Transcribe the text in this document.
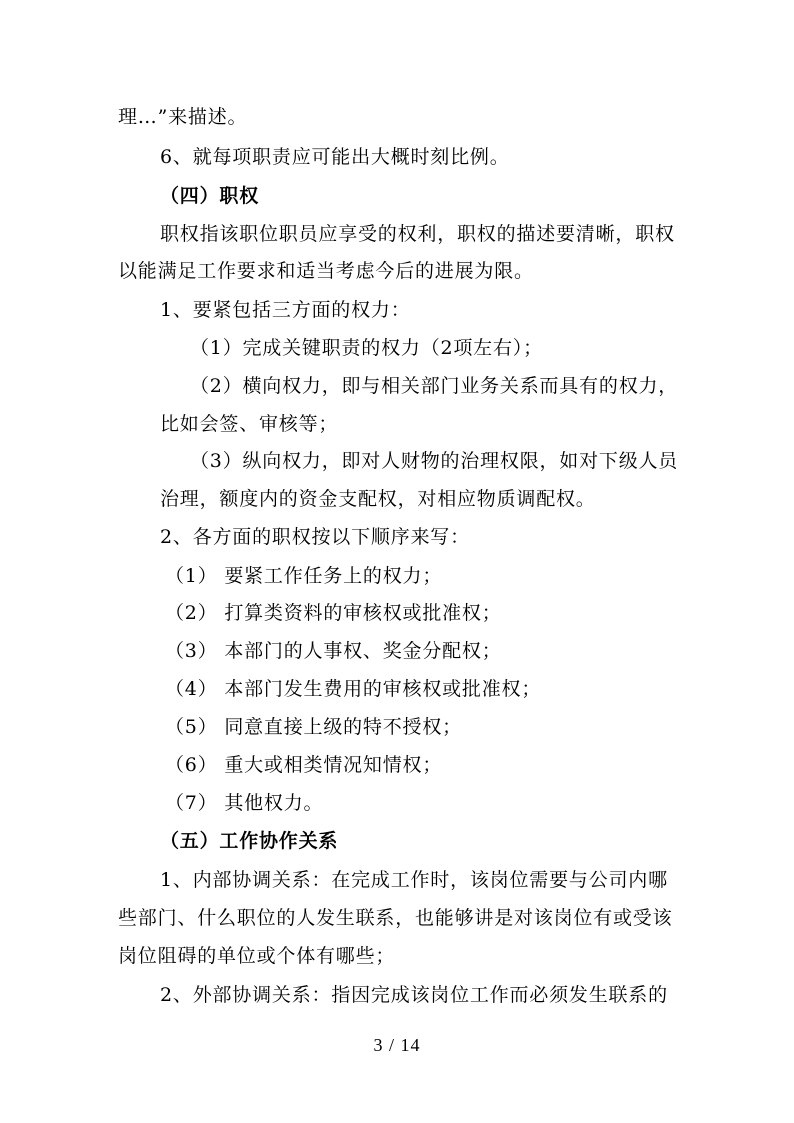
理…”来描述。
6、就每项职责应可能出大概时刻比例。
（四）职权
职权指该职位职员应享受的权利，职权的描述要清晰，职权
以能满足工作要求和适当考虑今后的进展为限。
1、要紧包括三方面的权力：
（1）完成关键职责的权力（2项左右）；
（2）横向权力，即与相关部门业务关系而具有的权力，
比如会签、审核等；
（3）纵向权力，即对人财物的治理权限，如对下级人员
治理，额度内的资金支配权，对相应物质调配权。
2、各方面的职权按以下顺序来写：
（1） 要紧工作任务上的权力；
（2） 打算类资料的审核权或批准权；
（3） 本部门的人事权、奖金分配权；
（4） 本部门发生费用的审核权或批准权；
（5） 同意直接上级的特不授权；
（6） 重大或相类情况知情权；
（7） 其他权力。
（五）工作协作关系
1、内部协调关系：在完成工作时，该岗位需要与公司内哪
些部门、什么职位的人发生联系，也能够讲是对该岗位有或受该
岗位阻碍的单位或个体有哪些；
2、外部协调关系：指因完成该岗位工作而必须发生联系的
3 / 14
